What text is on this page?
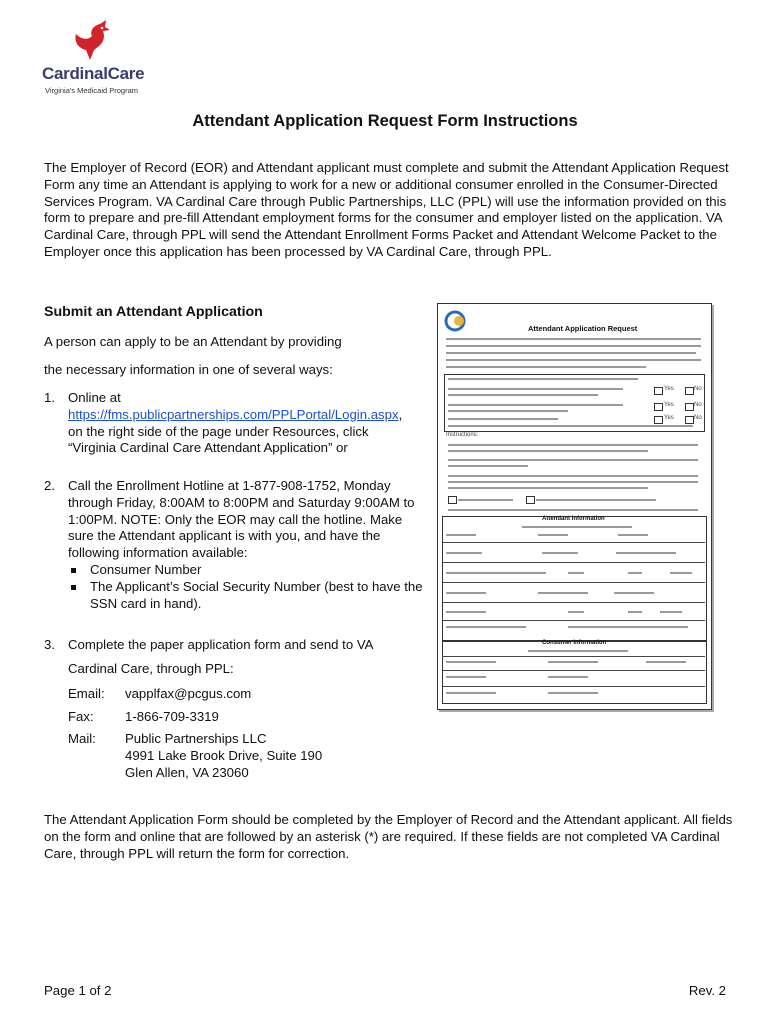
CardinalCare
Virginia's Medicaid Program
Attendant Application Request Form Instructions
The Employer of Record (EOR) and Attendant applicant must complete and submit the Attendant Application Request Form any time an Attendant is applying to work for a new or additional consumer enrolled in the Consumer-Directed Services Program. VA Cardinal Care through Public Partnerships, LLC (PPL) will use the information provided on this form to prepare and pre-fill Attendant employment forms for the consumer and employer listed on the application. VA Cardinal Care, through PPL will send the Attendant Enrollment Forms Packet and Attendant Welcome Packet to the Employer once this application has been processed by VA Cardinal Care, through PPL.
Submit an Attendant Application
A person can apply to be an Attendant by providing
the necessary information in one of several ways:
1. Online at
https://fms.publicpartnerships.com/PPLPortal/Login.aspx,
on the right side of the page under Resources, click
“Virginia Cardinal Care Attendant Application” or
2. Call the Enrollment Hotline at 1-877-908-1752, Monday through Friday, 8:00AM to 8:00PM and Saturday 9:00AM to 1:00PM. NOTE: Only the EOR may call the hotline. Make sure the Attendant applicant is with you, and have the following information available:
Consumer Number
The Applicant’s Social Security Number (best to have the SSN card in hand).
3. Complete the paper application form and send to VA
Cardinal Care, through PPL:
Email: vapplfax@pcgus.com
Fax: 1-866-709-3319
Mail: Public Partnerships LLC
4991 Lake Brook Drive, Suite 190
Glen Allen, VA 23060
Attendant Application Request
Yes	No
Yes	No
Yes	No
Instructions:
Attendant Information
Consumer Information
The Attendant Application Form should be completed by the Employer of Record and the Attendant applicant. All fields on the form and online that are followed by an asterisk (*) are required. If these fields are not completed VA Cardinal Care, through PPL will return the form for correction.
Page 1 of 2	Rev. 2
